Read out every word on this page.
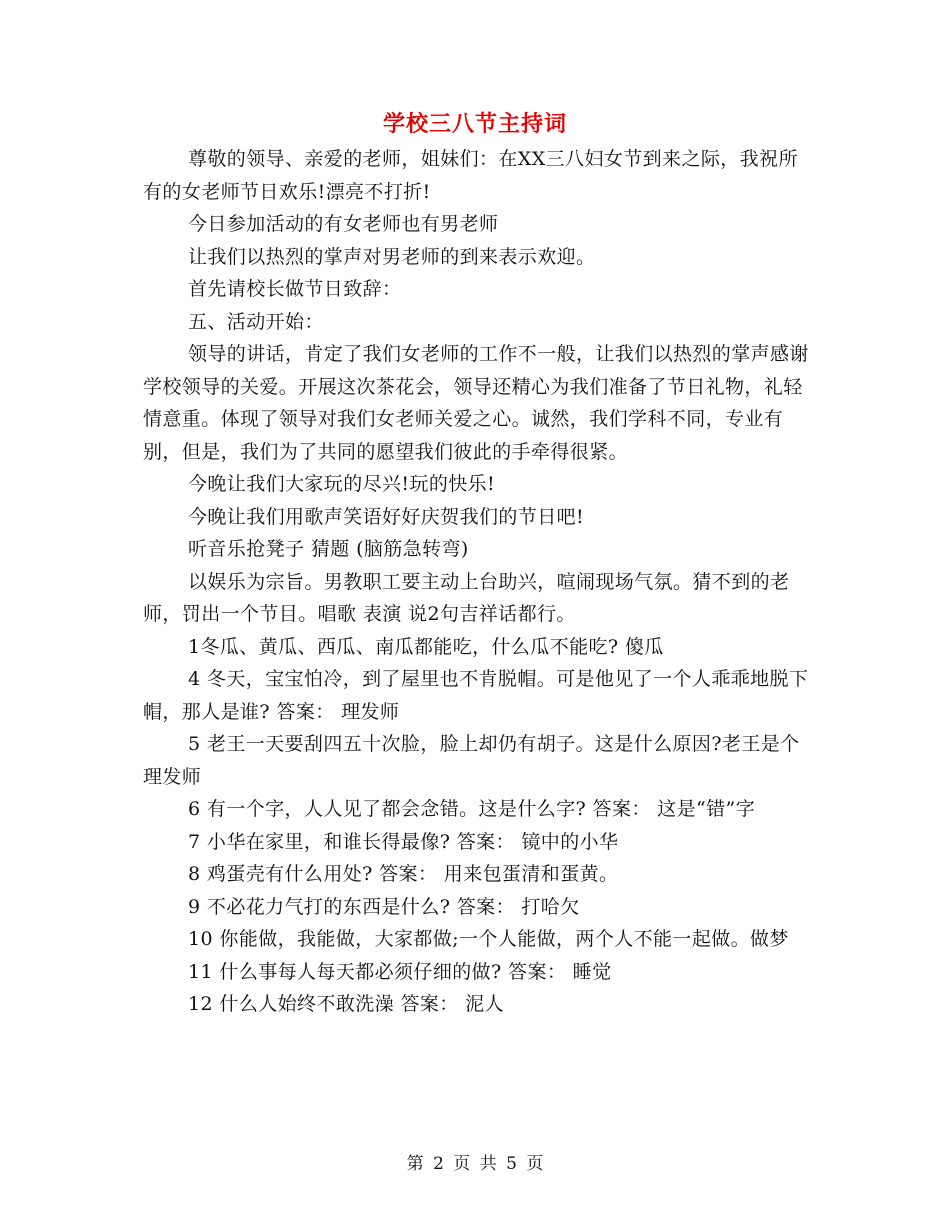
学校三八节主持词

尊敬的领导、亲爱的老师，姐妹们：在XX三八妇女节到来之际，我祝所有的女老师节日欢乐!漂亮不打折!

今日参加活动的有女老师也有男老师

让我们以热烈的掌声对男老师的到来表示欢迎。

首先请校长做节日致辞：

五、活动开始：

领导的讲话，肯定了我们女老师的工作不一般，让我们以热烈的掌声感谢学校领导的关爱。开展这次茶花会，领导还精心为我们准备了节日礼物，礼轻情意重。体现了领导对我们女老师关爱之心。诚然，我们学科不同，专业有别，但是，我们为了共同的愿望我们彼此的手牵得很紧。

今晚让我们大家玩的尽兴!玩的快乐!

今晚让我们用歌声笑语好好庆贺我们的节日吧!

听音乐抢凳子 猜题 (脑筋急转弯)

以娱乐为宗旨。男教职工要主动上台助兴，喧闹现场气氛。猜不到的老师，罚出一个节目。唱歌 表演 说2句吉祥话都行。

1冬瓜、黄瓜、西瓜、南瓜都能吃，什么瓜不能吃? 傻瓜

4 冬天，宝宝怕冷，到了屋里也不肯脱帽。可是他见了一个人乖乖地脱下帽，那人是谁? 答案： 理发师

5 老王一天要刮四五十次脸，脸上却仍有胡子。这是什么原因?老王是个理发师

6 有一个字，人人见了都会念错。这是什么字? 答案： 这是“错”字

7 小华在家里，和谁长得最像? 答案： 镜中的小华

8 鸡蛋壳有什么用处? 答案： 用来包蛋清和蛋黄。

9 不必花力气打的东西是什么? 答案： 打哈欠

10 你能做，我能做，大家都做;一个人能做，两个人不能一起做。做梦

11 什么事每人每天都必须仔细的做? 答案： 睡觉

12 什么人始终不敢洗澡 答案： 泥人

第 2 页 共 5 页
